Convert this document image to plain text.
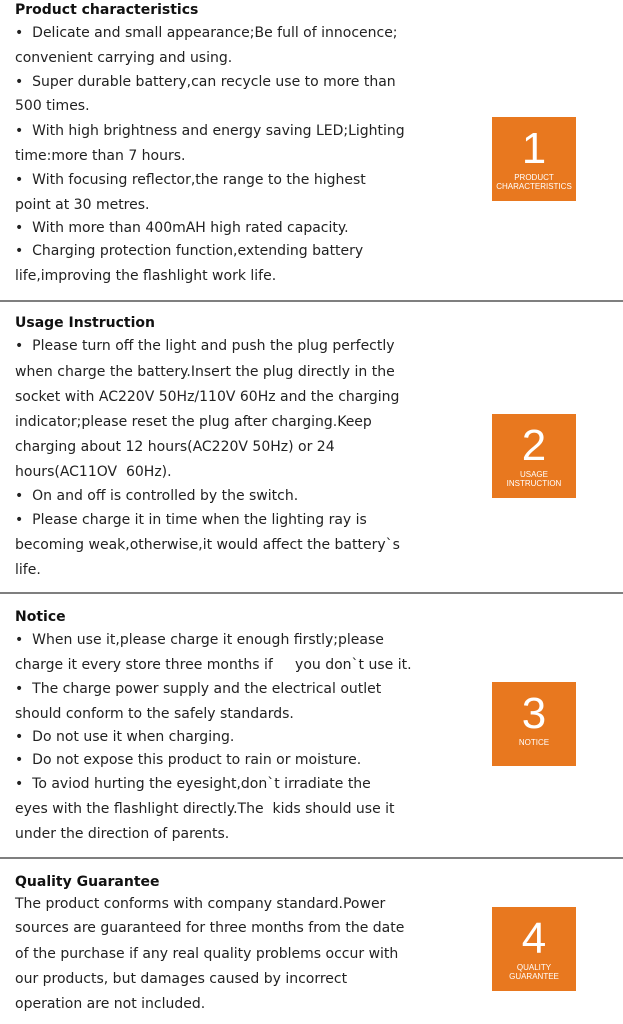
Product characteristics
•  Delicate and small appearance;Be full of innocence;
convenient carrying and using.
•  Super durable battery,can recycle use to more than
500 times.
•  With high brightness and energy saving LED;Lighting
time:more than 7 hours.
•  With focusing reflector,the range to the highest
point at 30 metres.
•  With more than 400mAH high rated capacity.
•  Charging protection function,extending battery
life,improving the flashlight work life.
1
PRODUCT
CHARACTERISTICS
Usage Instruction
•  Please turn off the light and push the plug perfectly
when charge the battery.Insert the plug directly in the
socket with AC220V 50Hz/110V 60Hz and the charging
indicator;please reset the plug after charging.Keep
charging about 12 hours(AC220V 50Hz) or 24
hours(AC11OV  60Hz).
•  On and off is controlled by the switch.
•  Please charge it in time when the lighting ray is
becoming weak,otherwise,it would affect the battery`s
life.
2
USAGE
INSTRUCTION
Notice
•  When use it,please charge it enough firstly;please
charge it every store three months if     you don`t use it.
•  The charge power supply and the electrical outlet
should conform to the safely standards.
•  Do not use it when charging.
•  Do not expose this product to rain or moisture.
•  To aviod hurting the eyesight,don`t irradiate the
eyes with the flashlight directly.The  kids should use it
under the direction of parents.
3
NOTICE
Quality Guarantee
The product conforms with company standard.Power
sources are guaranteed for three months from the date
of the purchase if any real quality problems occur with
our products, but damages caused by incorrect
operation are not included.
4
QUALITY
GUARANTEE
